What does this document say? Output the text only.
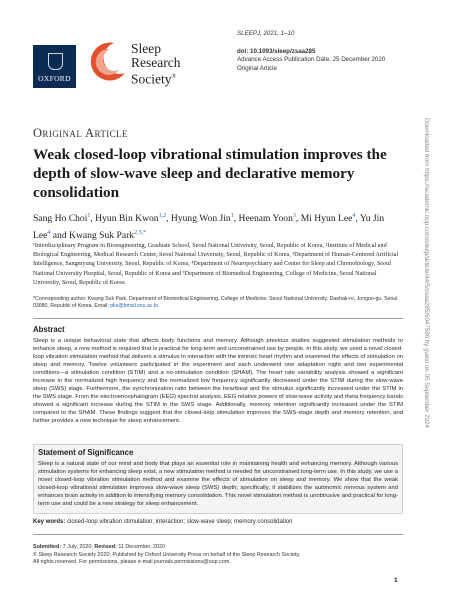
OXFORD
Sleep
Research
Society®
SLEEPJ, 2021, 1–10
doi: 10.1093/sleep/zsaa285
Advance Access Publication Date: 25 December 2020
Original Article
Original Article
Weak closed-loop vibrational stimulation improves the depth of slow-wave sleep and declarative memory consolidation
Sang Ho Choi$^1$, Hyun Bin Kwon$^{1,2}$, Hyung Won Jin$^1$, Heenam Yoon$^3$, Mi Hyun Lee$^4$, Yu Jin Lee$^4$ and Kwang Suk Park$^{2,5,*}$
¹Interdisciplinary Program in Bioengineering, Graduate School, Seoul National University, Seoul, Republic of Korea, ²Institute of Medical and Biological Engineering, Medical Research Center, Seoul National University, Seoul, Republic of Korea, ³Department of Human-Centered Artificial Intelligence, Sangmyung University, Seoul, Republic of Korea, ⁴Department of Neuropsychiatry and Center for Sleep and Chronobiology, Seoul National University Hospital, Seoul, Republic of Korea and ⁵Department of Biomedical Engineering, College of Medicine, Seoul National University, Seoul, Republic of Korea
*Corresponding author. Kwang Suk Park, Department of Biomedical Engineering, College of Medicine, Seoul National University, Daehak-ro, Jongno-gu, Seoul 03080, Republic of Korea. Email: pks@bmsil.snu.ac.kr.
Abstract
Sleep is a unique behavioral state that affects body functions and memory. Although previous studies suggested stimulation methods to enhance sleep, a new method is required that is practical for long-term and unconstrained use by people. In this study, we used a novel closed-loop vibration stimulation method that delivers a stimulus in interaction with the intrinsic heart rhythm and examined the effects of stimulation on sleep and memory. Twelve volunteers participated in the experiment and each underwent one adaptation night and two experimental conditions—a stimulation condition (STIM) and a no-stimulation condition (SHAM). The heart rate variability analysis showed a significant increase in the normalized high frequency and the normalized low frequency significantly decreased under the STIM during the slow-wave sleep (SWS) stage. Furthermore, the synchronization ratio between the heartbeat and the stimulus significantly increased under the STIM in the SWS stage. From the electroencephalogram (EEG) spectral analysis, EEG relative powers of slow-wave activity and theta frequency bands showed a significant increase during the STIM in the SWS stage. Additionally, memory retention significantly increased under the STIM compared to the SHAM. These findings suggest that the closed-loop stimulation improves the SWS-stage depth and memory retention, and further provides a new technique for sleep enhancement.
Statement of Significance
Sleep is a natural state of our mind and body that plays an essential role in maintaining health and enhancing memory. Although various stimulation systems for enhancing sleep exist, a new stimulation method is needed for unconstrained long-term use. In this study, we use a novel closed-loop vibration stimulation method and examine the effects of stimulation on sleep and memory. We show that the weak closed-loop vibrational stimulation improves slow-wave sleep (SWS) depth; specifically, it stabilizes the autonomic nervous system and enhances brain activity in addition to intensifying memory consolidation. This novel stimulation method is unobtrusive and practical for long-term use and could be a new strategy for sleep enhancement.
Key words: closed-loop vibration stimulation; interaction; slow-wave sleep; memory consolidation
Submitted: 7 July, 2020; Revised: 11 December, 2020
© Sleep Research Society 2020. Published by Oxford University Press on behalf of the Sleep Research Society.
All rights reserved. For permissions, please e-mail journals.permissions@oup.com.
1
Downloaded from https://academic.oup.com/sleep/article/44/5/zsaa285/6047586 by guest on 05 September 2024
